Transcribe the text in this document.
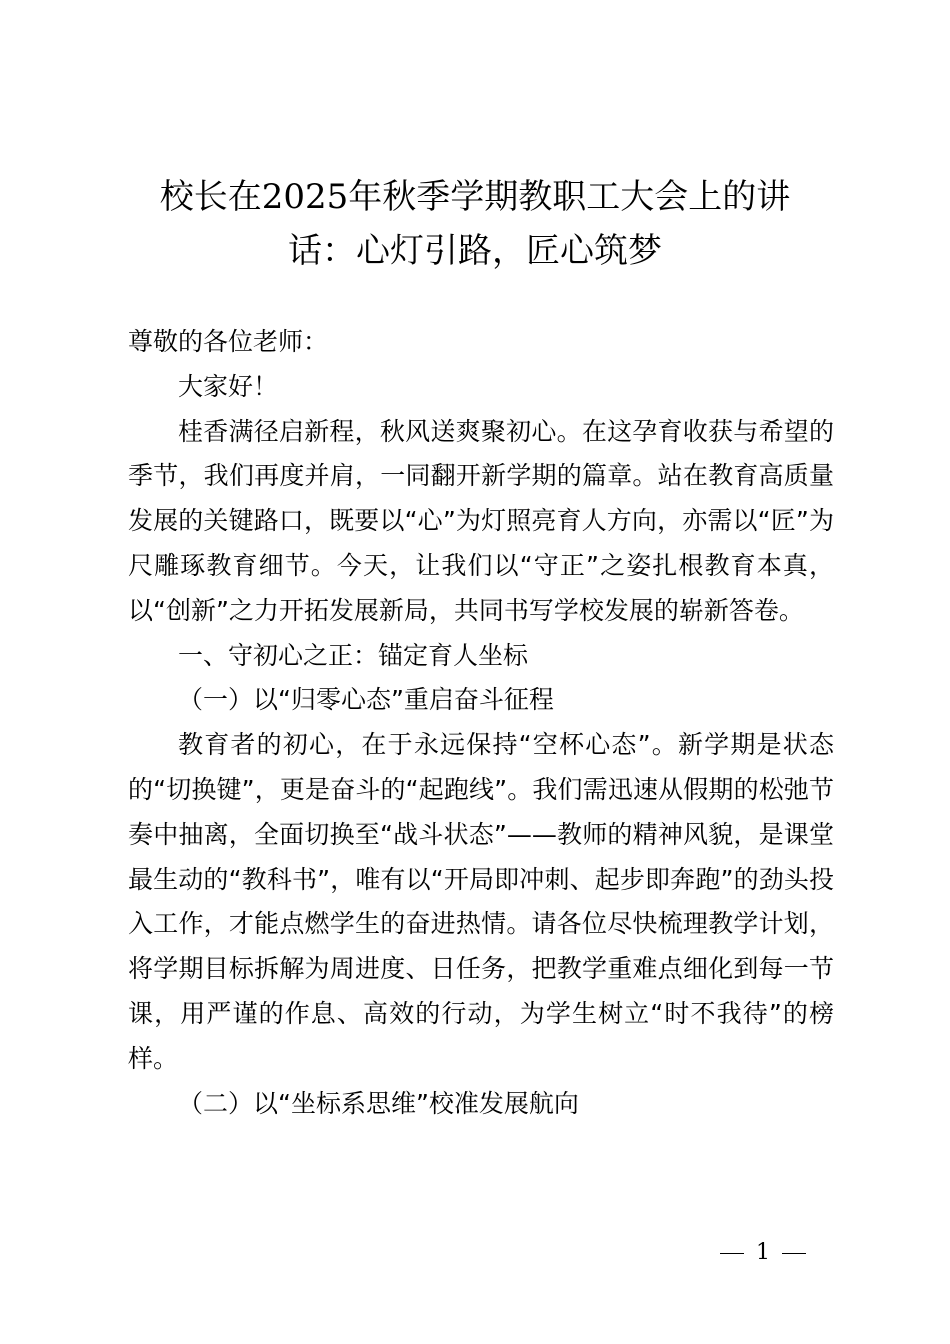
校长在2025年秋季学期教职工大会上的讲
话：心灯引路，匠心筑梦

尊敬的各位老师：

大家好！

桂香满径启新程，秋风送爽聚初心。在这孕育收获与希望的季节，我们再度并肩，一同翻开新学期的篇章。站在教育高质量发展的关键路口，既要以“心”为灯照亮育人方向，亦需以“匠”为尺雕琢教育细节。今天，让我们以“守正”之姿扎根教育本真，以“创新”之力开拓发展新局，共同书写学校发展的崭新答卷。

一、守初心之正：锚定育人坐标

（一）以“归零心态”重启奋斗征程

教育者的初心，在于永远保持“空杯心态”。新学期是状态的“切换键”，更是奋斗的“起跑线”。我们需迅速从假期的松弛节奏中抽离，全面切换至“战斗状态”——教师的精神风貌，是课堂最生动的“教科书”，唯有以“开局即冲刺、起步即奔跑”的劲头投入工作，才能点燃学生的奋进热情。请各位尽快梳理教学计划，将学期目标拆解为周进度、日任务，把教学重难点细化到每一节课，用严谨的作息、高效的行动，为学生树立“时不我待”的榜样。

（二）以“坐标系思维”校准发展航向

1
